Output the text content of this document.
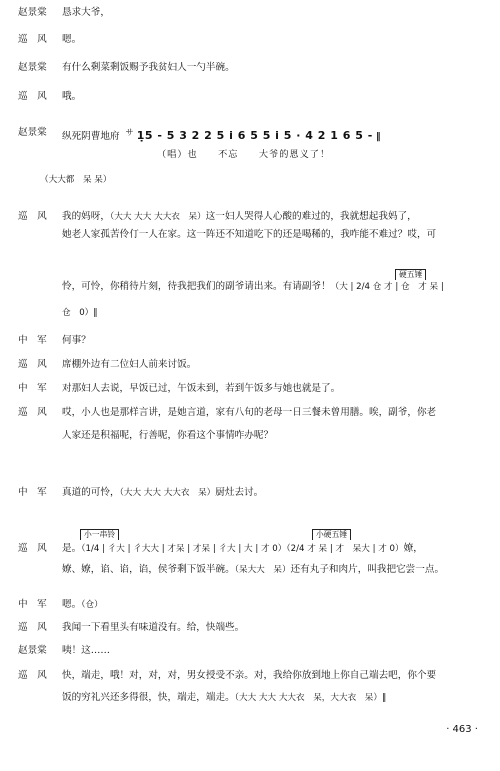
赵景棠	恳求大爷，
巡　风	嗯。
赵景棠	有什么剩菜剩饭赐予我贫妇人一勺半碗。
巡　风	哦。
赵景棠	纵死阴曹地府 $^サ$ 1̣5 - 5 3 2 2 5 i 6 5 5 i 5 · 4 2 1 6 5 - ‖
（唱）也　　不忘　　大爷的恩义了！
（大大都　呆 呆）
巡　风	我的妈呀，（大大 大大 大大衣　呆）这一妇人哭得人心酸的难过的，我就想起我妈了，
她老人家孤苦伶仃一人在家。这一阵还不知道吃下的还是喝稀的，我咋能不难过？哎，可
硬五锤
怜，可怜，你稍待片刻，待我把我们的副爷请出来。有请副爷！（大 | 2/4 仓 才 | 仓　才 呆 |
仓　0）‖
中　军	何事？
巡　风	席棚外边有二位妇人前来讨饭。
中　军	对那妇人去说，早饭已过，午饭未到，若到午饭多与她也就是了。
巡　风	哎，小人也是那样言讲，是她言道，家有八旬的老母一日三餐未曾用膳。唉，副爷，你老
人家还是积福呢，行善呢，你看这个事情咋办呢？
中　军	真道的可怜，（大大 大大 大大衣　呆）厨灶去讨。
小一串铃	小硬五锤
巡　风	是。（1/4 | 彳大 | 彳大大 | 才呆 | 才呆 | 彳大 | 大 | 才 0）（2/4 才 呆 | 才　呆大 | 才 0）嫽，
嫽、嫽，谄、谄，谄，侯爷剩下饭半碗。（呆大大　呆）还有丸子和肉片，叫我把它尝一点。
中　军	嗯。（仓）
巡　风	我闻一下看里头有味道没有。给，快端些。
赵景棠	咦！这……
巡　风	快，端走，哦！对，对，对，男女授受不亲。对，我给你放到地上你自己端去吧，你个要
饭的穷礼兴还多得很，快，端走，端走。（大大 大大 大大衣　呆，大大衣　呆）‖
· 463 ·
